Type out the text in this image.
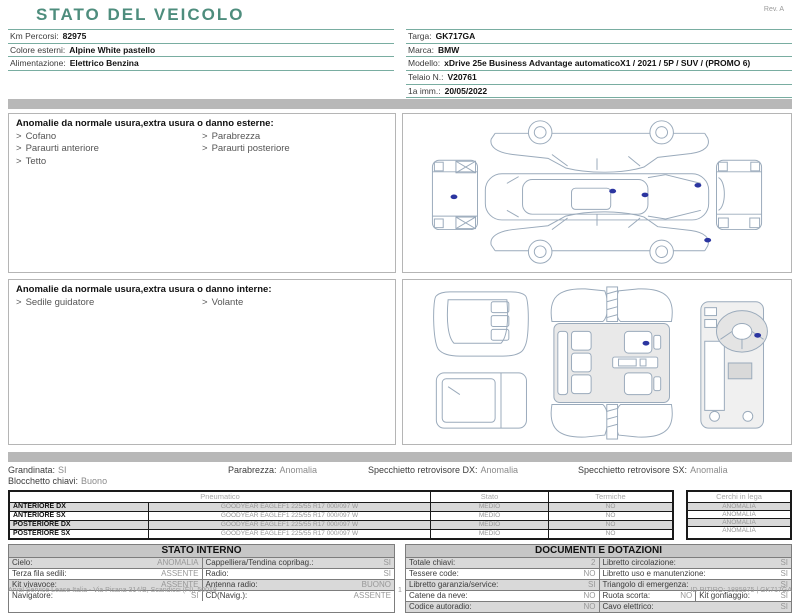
STATO DEL VEICOLO	Rev. A
Km Percorsi: 82975
Colore esterni: Alpine White pastello
Alimentazione: Elettrico Benzina
Targa: GK717GA
Marca: BMW
Modello: xDrive 25e Business Advantage automaticoX1 / 2021 / 5P / SUV / (PROMO 6)
Telaio N.: V20761
1a imm.: 20/05/2022
Anomalie da normale usura,extra usura o danno esterne:
> Cofano
> Paraurti anteriore
> Tetto
> Parabrezza
> Paraurti posteriore
Anomalie da normale usura,extra usura o danno interne:
> Sedile guidatore	> Volante
Grandinata: SI	Parabrezza: Anomalia	Specchietto retrovisore DX: Anomalia	Specchietto retrovisore SX: Anomalia
Blocchetto chiavi: Buono
Pneumatico	Stato	Termiche
ANTERIORE DX	GOODYEAR EAGLEF1 225/55 R17 000/097 W	MEDIO	NO
ANTERIORE SX	GOODYEAR EAGLEF1 225/55 R17 000/097 W	MEDIO	NO
POSTERIORE DX	GOODYEAR EAGLEF1 225/55 R17 000/097 W	MEDIO	NO
POSTERIORE SX	GOODYEAR EAGLEF1 225/55 R17 000/097 W	MEDIO	NO
Cerchi in lega
ANOMALIA
ANOMALIA
ANOMALIA
ANOMALIA
STATO INTERNO
Cielo:	ANOMALIA Cappelliera/Tendina copribag.:	SI
Terza fila sedili:	ASSENTE Radio:	SI
Kit vivavoce:	ASSENTE Antenna radio:	BUONO
Navigatore:	SI CD(Navig.):	ASSENTE
DOCUMENTI E DOTAZIONI
Totale chiavi:	2 Libretto circolazione:	SI
Tessere code:	NO Libretto uso e manutenzione:	SI
Libretto garanzia/service:	SI Triangolo di emergenza:	SI
Catene da neve:	NO Ruota scorta:	NO Kit gonfiaggio:	SI
Codice autoradio:	NO Cavo elettrico:	SI
Arval Service Lease Italia - Via Pisana 314/B, Scandicci (FI), 50018	1	ID RITIRO: 1885975 | GK717GA
